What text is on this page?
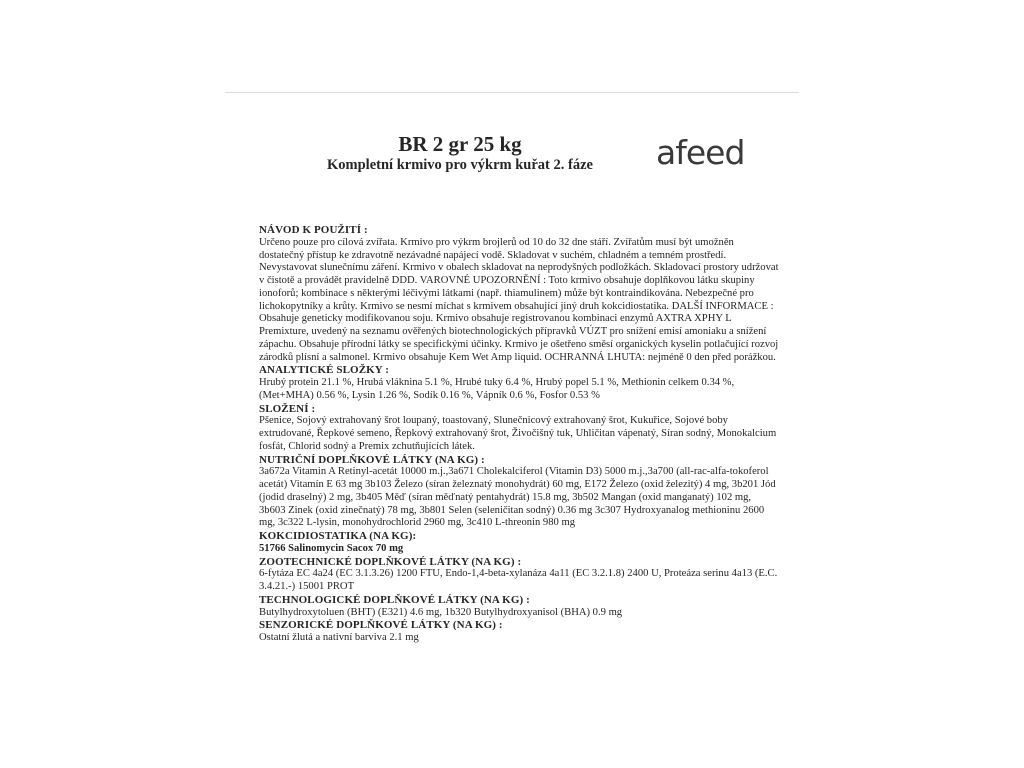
BR 2 gr 25 kg
Kompletní krmivo pro výkrm kuřat 2. fáze	afeed
NÁVOD K POUŽITÍ :
Určeno pouze pro cílová zvířata. Krmivo pro výkrm brojlerů od 10 do 32 dne stáří. Zvířatům musí být umožněn dostatečný přístup ke zdravotně nezávadné napájecí vodě. Skladovat v suchém, chladném a temném prostředí. Nevystavovat slunečnímu záření. Krmivo v obalech skladovat na neprodyšných podložkách. Skladovací prostory udržovat v čistotě a provádět pravidelně DDD. VAROVNÉ UPOZORNĚNÍ : Toto krmivo obsahuje doplňkovou látku skupiny ionoforů; kombinace s některými léčivými látkami (např. thiamulinem) může být kontraindikována. Nebezpečné pro lichokopytníky a krůty. Krmivo se nesmí míchat s krmivem obsahující jiný druh kokcidiostatika. DALŠÍ INFORMACE : Obsahuje geneticky modifikovanou soju. Krmivo obsahuje registrovanou kombinaci enzymů AXTRA XPHY L Premixture, uvedený na seznamu ověřených biotechnologických přípravků VÚZT pro snížení emisí amoniaku a snížení zápachu. Obsahuje přírodní látky se specifickými účinky. Krmivo je ošetřeno směsí organických kyselin potlačující rozvoj zárodků plísní a salmonel. Krmivo obsahuje Kem Wet Amp liquid. OCHRANNÁ LHUTA: nejméně 0 den před porážkou.
ANALYTICKÉ SLOŽKY :
Hrubý protein 21.1 %, Hrubá vláknina 5.1 %, Hrubé tuky 6.4 %, Hrubý popel 5.1 %, Methionin celkem 0.34 %, (Met+MHA) 0.56 %, Lysin 1.26 %, Sodík 0.16 %, Vápník 0.6 %, Fosfor 0.53 %
SLOŽENÍ :
Pšenice, Sojový extrahovaný šrot loupaný, toastovaný, Slunečnicový extrahovaný šrot, Kukuřice, Sojové boby extrudované, Řepkové semeno, Řepkový extrahovaný šrot, Živočišný tuk, Uhličitan vápenatý, Síran sodný, Monokalcium fosfát, Chlorid sodný a Premix zchutňujících látek.
NUTRIČNÍ DOPLŇKOVÉ LÁTKY (NA KG) :
3a672a Vitamin A Retinyl-acetát 10000 m.j.,3a671 Cholekalciferol (Vitamin D3) 5000 m.j.,3a700 (all-rac-alfa-tokoferol acetát) Vitamín E 63 mg 3b103 Železo (síran železnatý monohydrát) 60 mg, E172 Železo (oxid železitý) 4 mg, 3b201 Jód (jodid draselný) 2 mg, 3b405 Měď (síran měďnatý pentahydrát) 15.8 mg, 3b502 Mangan (oxid manganatý) 102 mg, 3b603 Zinek (oxid zinečnatý) 78 mg, 3b801 Selen (seleničitan sodný) 0.36 mg 3c307 Hydroxyanalog methioninu 2600 mg, 3c322 L-lysin, monohydrochlorid 2960 mg, 3c410 L-threonin 980 mg
KOKCIDIOSTATIKA (NA KG):
51766 Salinomycin Sacox 70 mg
ZOOTECHNICKÉ DOPLŇKOVÉ LÁTKY (NA KG) :
6-fytáza EC 4a24 (EC 3.1.3.26) 1200 FTU, Endo-1,4-beta-xylanáza 4a11 (EC 3.2.1.8) 2400 U, Proteáza serinu 4a13 (E.C. 3.4.21.-) 15001 PROT
TECHNOLOGICKÉ DOPLŇKOVÉ LÁTKY (NA KG) :
Butylhydroxytoluen (BHT) (E321) 4.6 mg, 1b320 Butylhydroxyanisol (BHA) 0.9 mg
SENZORICKÉ DOPLŇKOVÉ LÁTKY (NA KG) :
Ostatní žlutá a nativní barviva 2.1 mg
